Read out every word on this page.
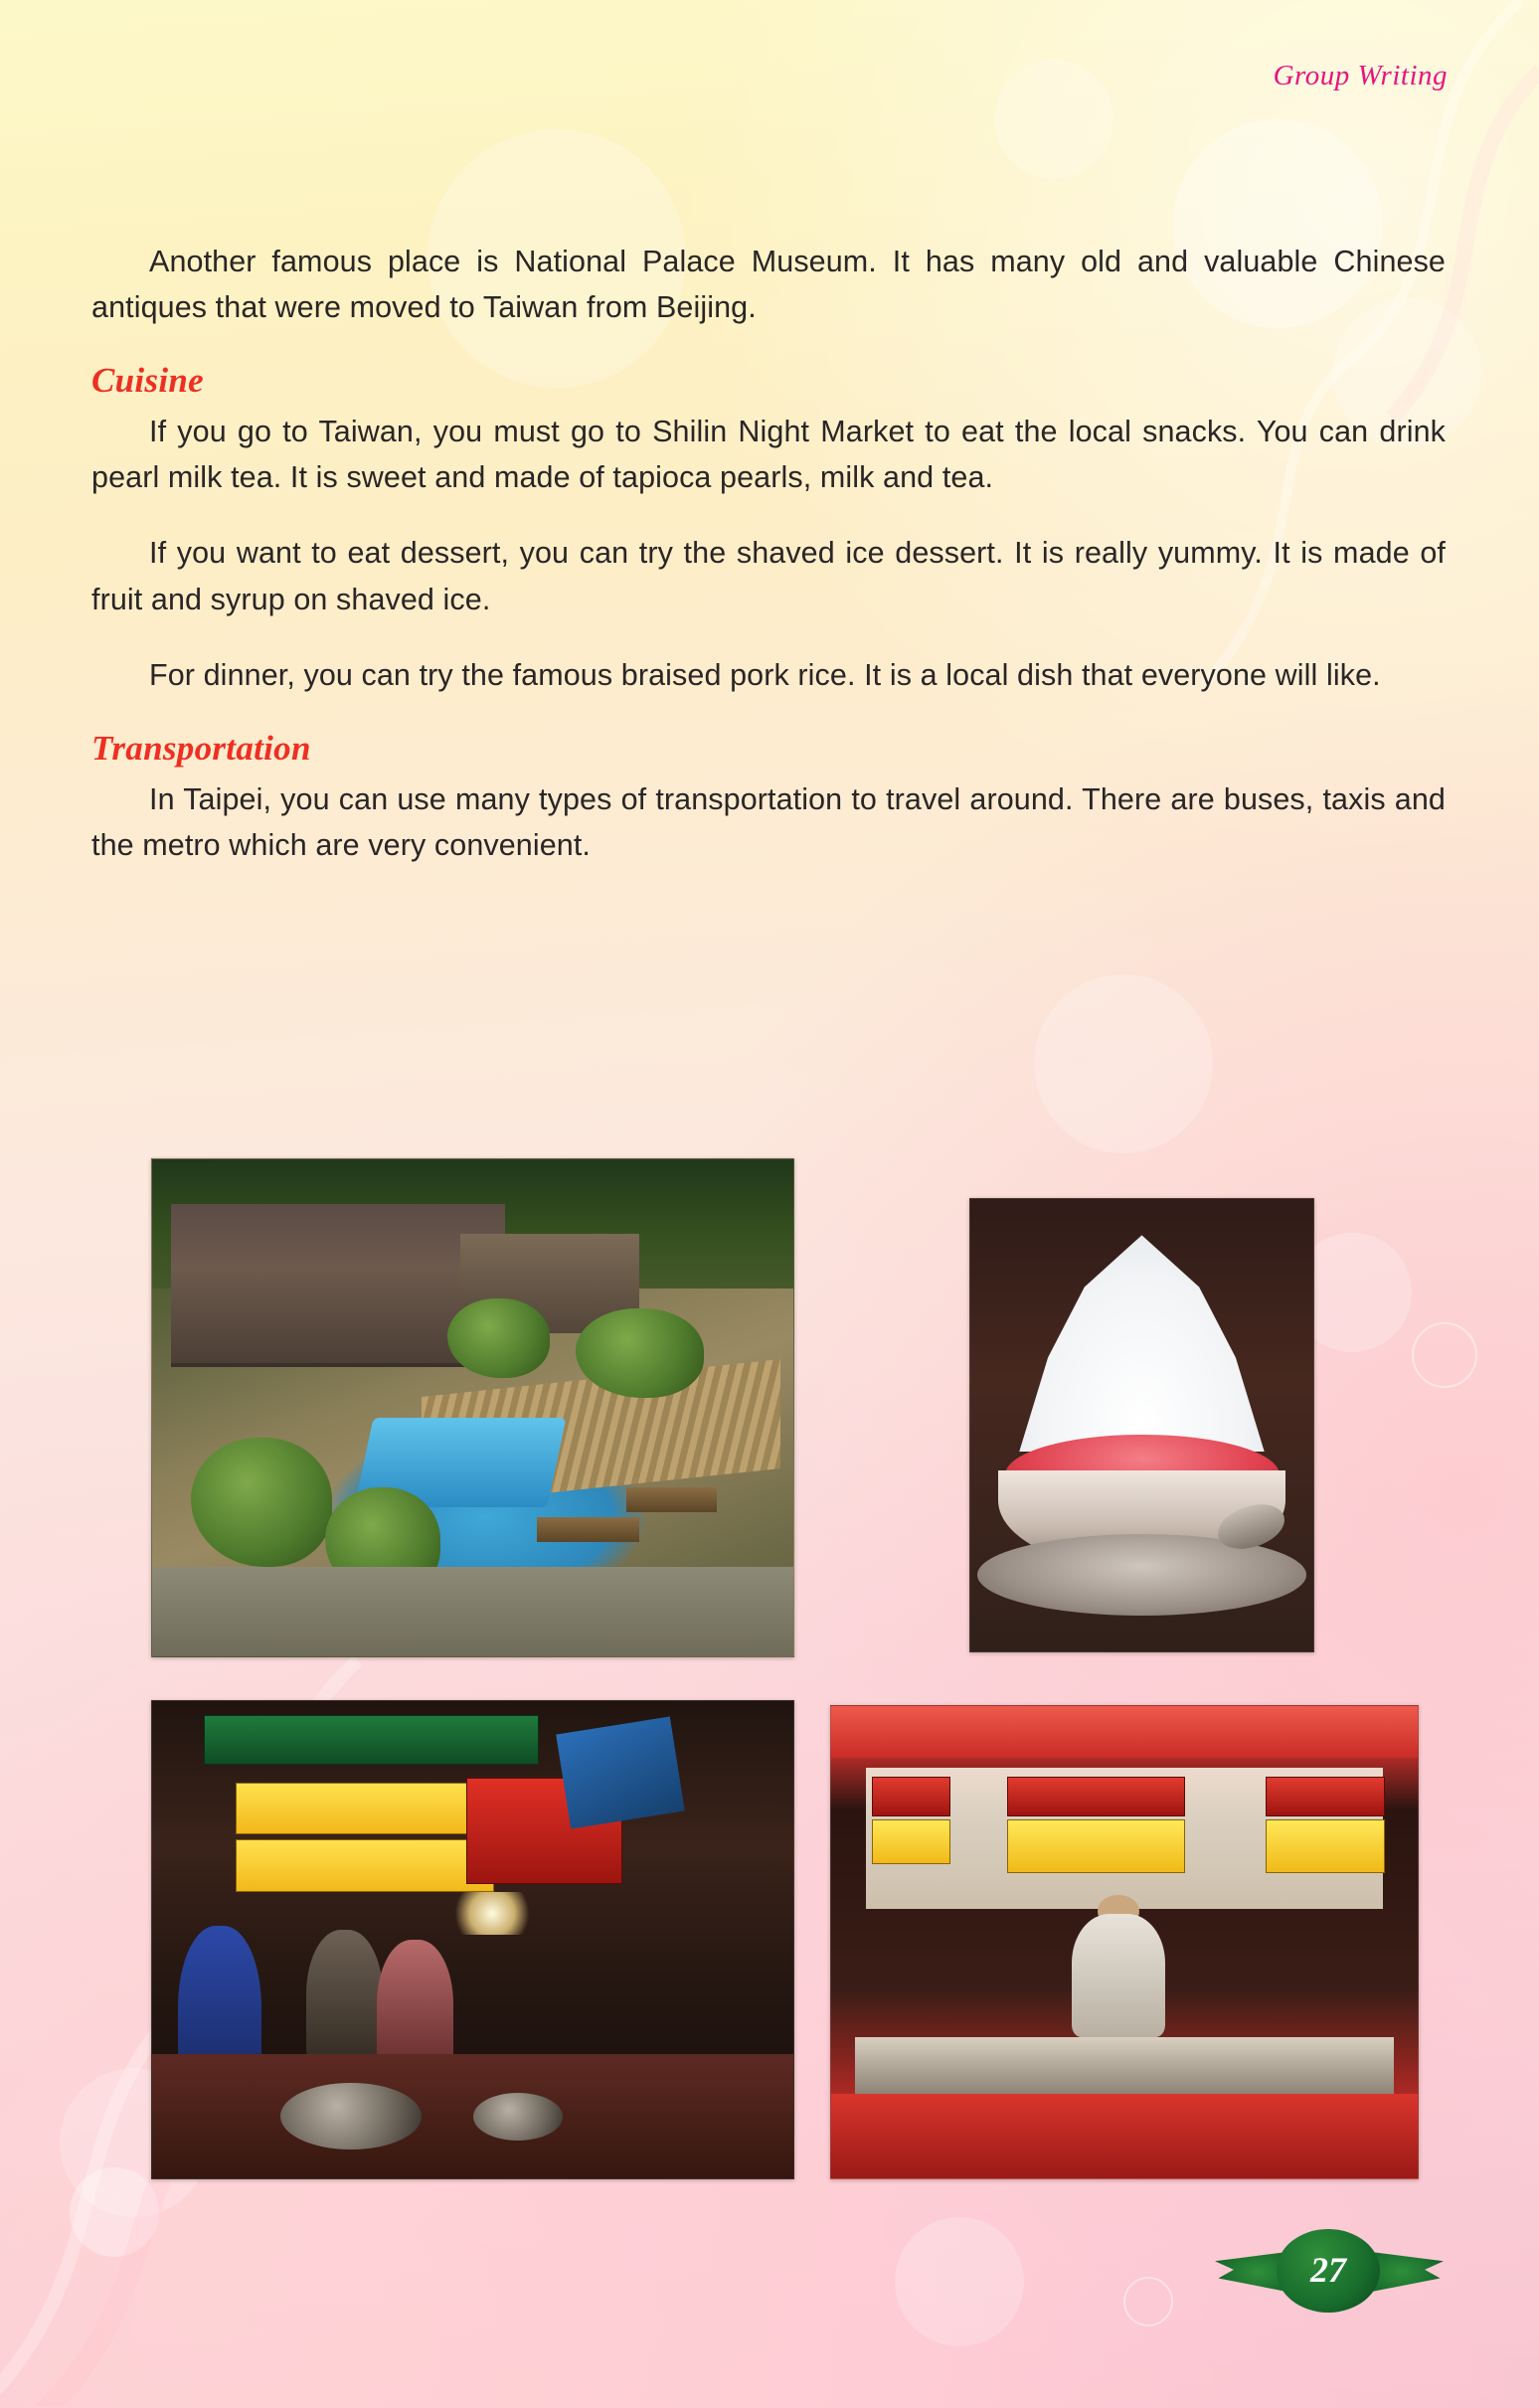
Group Writing

Another famous place is National Palace Museum. It has many old and valuable Chinese antiques that were moved to Taiwan from Beijing.

Cuisine

If you go to Taiwan, you must go to Shilin Night Market to eat the local snacks. You can drink pearl milk tea. It is sweet and made of tapioca pearls, milk and tea.

If you want to eat dessert, you can try the shaved ice dessert. It is really yummy. It is made of fruit and syrup on shaved ice.

For dinner, you can try the famous braised pork rice. It is a local dish that everyone will like.

Transportation

In Taipei, you can use many types of transportation to travel around. There are buses, taxis and the metro which are very convenient.

27
